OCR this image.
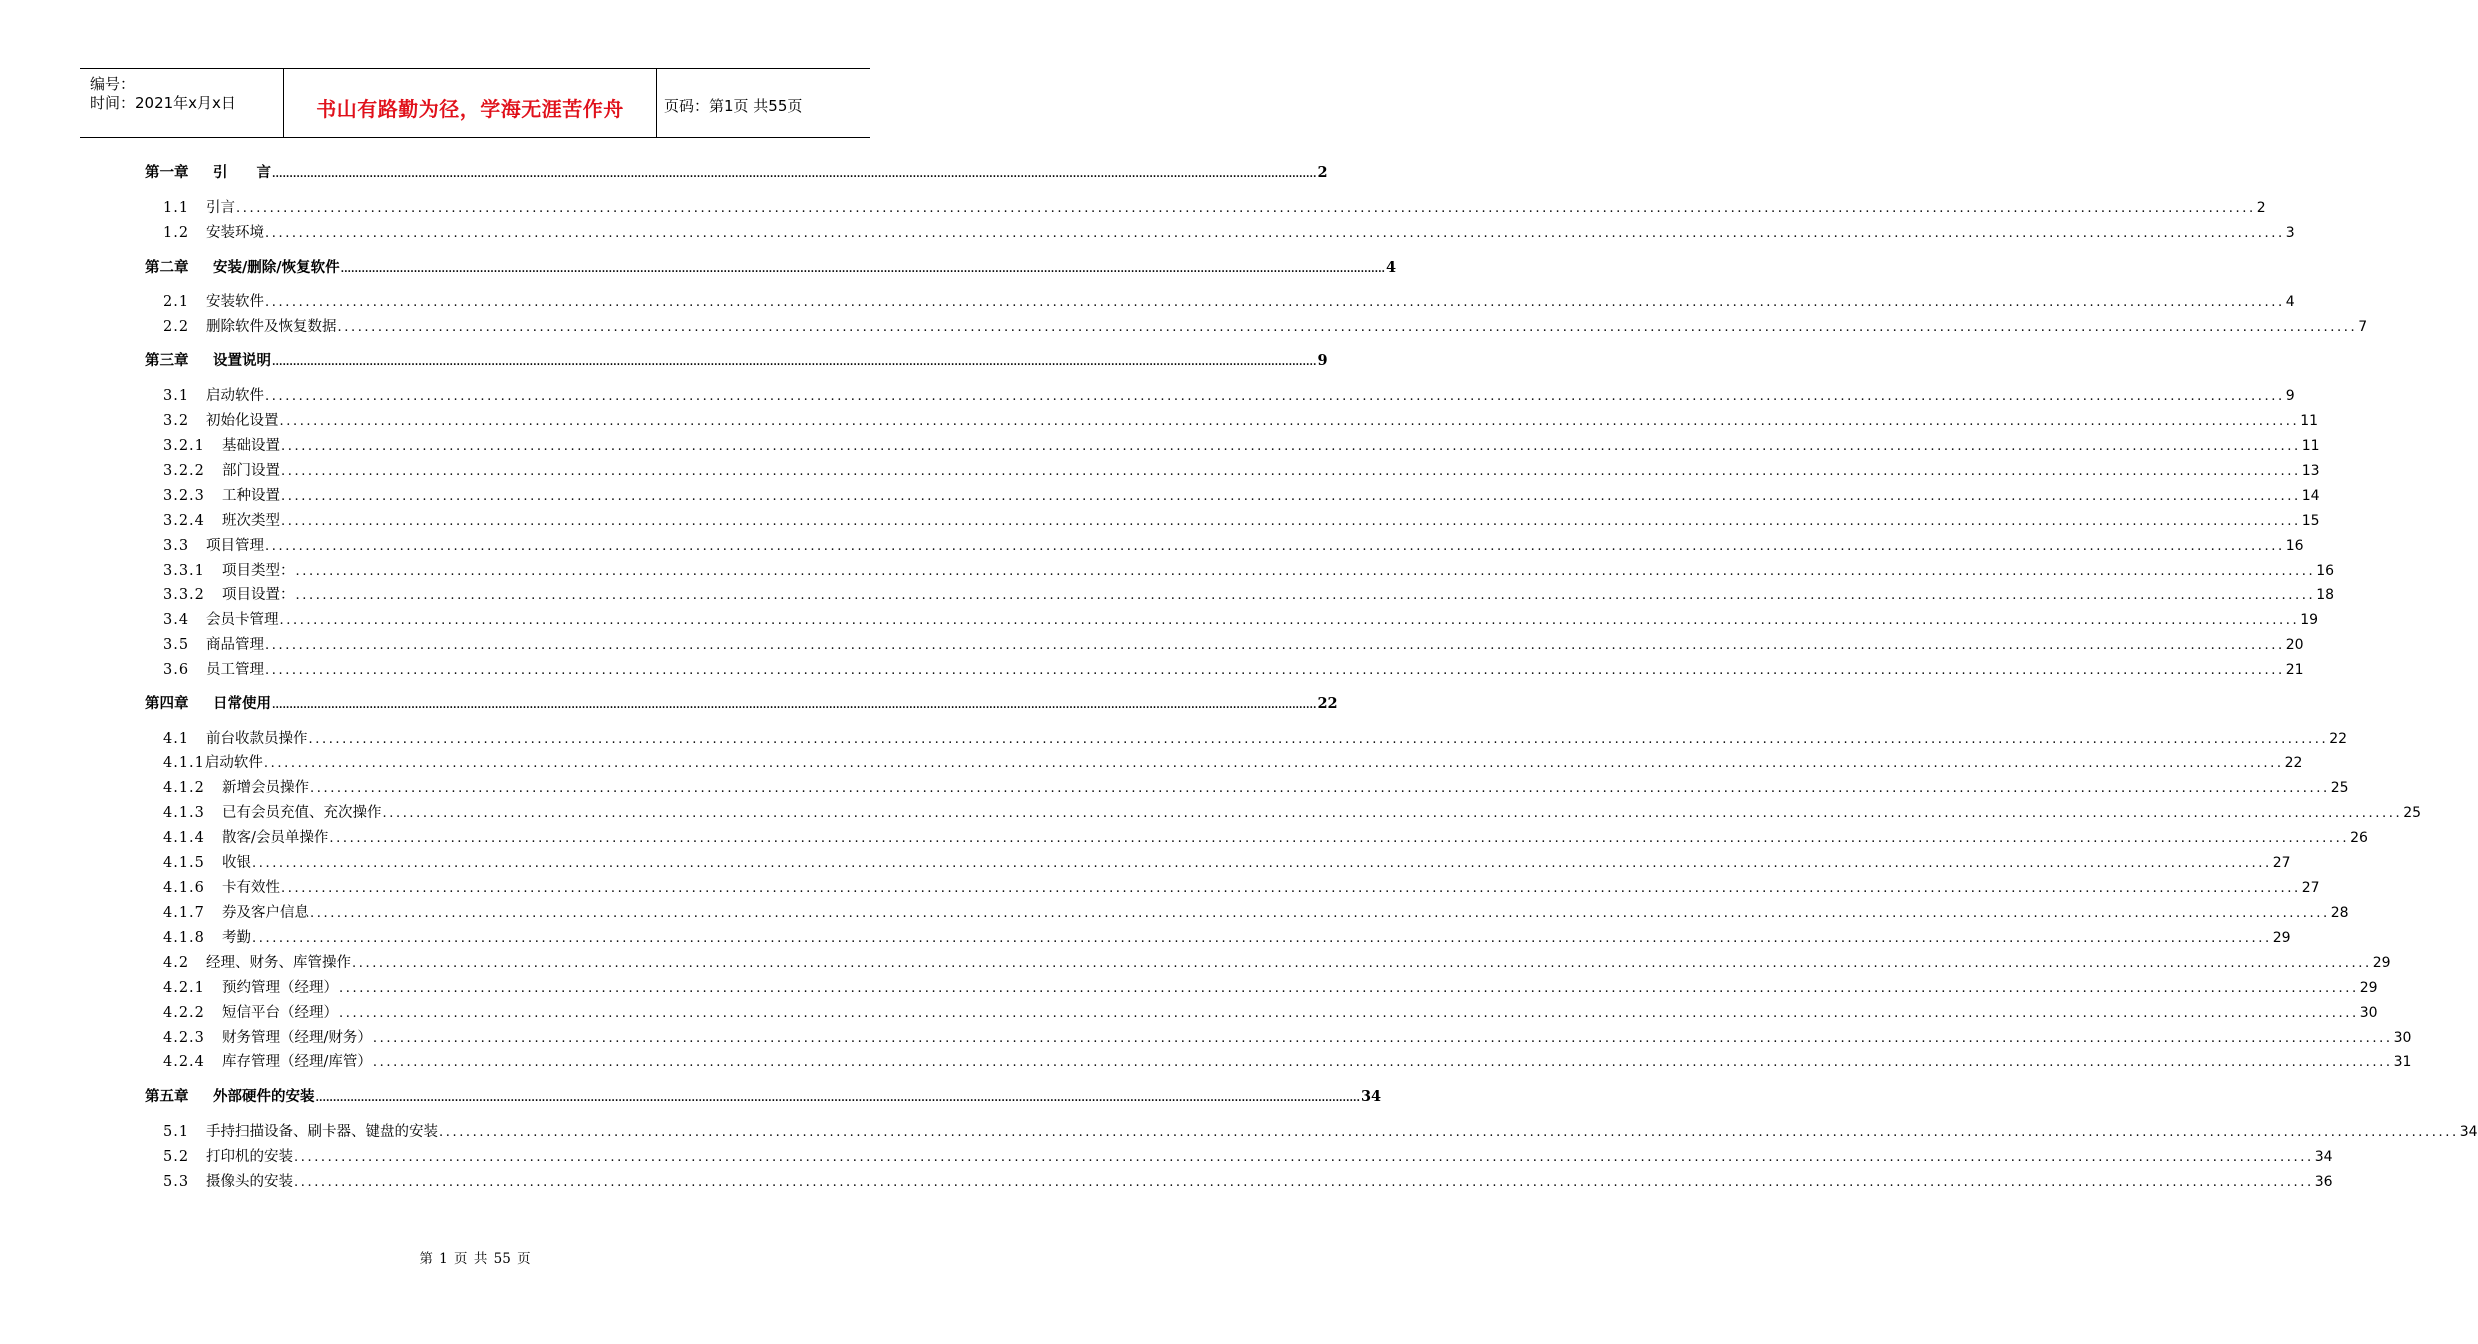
编号：
时间：2021年x月x日	书山有路勤为径，学海无涯苦作舟	页码：第1页 共55页
第一章	引　　言 ............................................................................................................................................................................................................................................................................................................ 2
1.1	引言 ............................................................................................................................................................................................................................................................................................................ 2
1.2	安装环境 ............................................................................................................................................................................................................................................................................................................ 3
第二章	安装/删除/恢复软件 ............................................................................................................................................................................................................................................................................................................ 4
2.1	安装软件 ............................................................................................................................................................................................................................................................................................................ 4
2.2	删除软件及恢复数据 ............................................................................................................................................................................................................................................................................................................ 7
第三章	设置说明 ............................................................................................................................................................................................................................................................................................................ 9
3.1	启动软件 ............................................................................................................................................................................................................................................................................................................ 9
3.2	初始化设置 ............................................................................................................................................................................................................................................................................................................ 11
3.2.1	基础设置 ............................................................................................................................................................................................................................................................................................................ 11
3.2.2	部门设置 ............................................................................................................................................................................................................................................................................................................ 13
3.2.3	工种设置 ............................................................................................................................................................................................................................................................................................................ 14
3.2.4	班次类型 ............................................................................................................................................................................................................................................................................................................ 15
3.3	项目管理 ............................................................................................................................................................................................................................................................................................................ 16
3.3.1	项目类型： ............................................................................................................................................................................................................................................................................................................ 16
3.3.2	项目设置： ............................................................................................................................................................................................................................................................................................................ 18
3.4	会员卡管理 ............................................................................................................................................................................................................................................................................................................ 19
3.5	商品管理 ............................................................................................................................................................................................................................................................................................................ 20
3.6	员工管理 ............................................................................................................................................................................................................................................................................................................ 21
第四章	日常使用 ............................................................................................................................................................................................................................................................................................................ 22
4.1	前台收款员操作 ............................................................................................................................................................................................................................................................................................................ 22
4.1.1 启动软件 ............................................................................................................................................................................................................................................................................................................ 22
4.1.2	新增会员操作 ............................................................................................................................................................................................................................................................................................................ 25
4.1.3	已有会员充值、充次操作 ............................................................................................................................................................................................................................................................................................................ 25
4.1.4	散客/会员单操作 ............................................................................................................................................................................................................................................................................................................ 26
4.1.5	收银 ............................................................................................................................................................................................................................................................................................................ 27
4.1.6	卡有效性 ............................................................................................................................................................................................................................................................................................................ 27
4.1.7	券及客户信息 ............................................................................................................................................................................................................................................................................................................ 28
4.1.8	考勤 ............................................................................................................................................................................................................................................................................................................ 29
4.2	经理、财务、库管操作 ............................................................................................................................................................................................................................................................................................................ 29
4.2.1	预约管理（经理） ............................................................................................................................................................................................................................................................................................................ 29
4.2.2	短信平台（经理） ............................................................................................................................................................................................................................................................................................................ 30
4.2.3	财务管理（经理/财务） ............................................................................................................................................................................................................................................................................................................ 30
4.2.4	库存管理（经理/库管） ............................................................................................................................................................................................................................................................................................................ 31
第五章	外部硬件的安装 ............................................................................................................................................................................................................................................................................................................ 34
5.1	手持扫描设备、刷卡器、键盘的安装 ............................................................................................................................................................................................................................................................................................................ 34
5.2	打印机的安装 ............................................................................................................................................................................................................................................................................................................ 34
5.3	摄像头的安装 ............................................................................................................................................................................................................................................................................................................ 36
第 1 页 共 55 页
